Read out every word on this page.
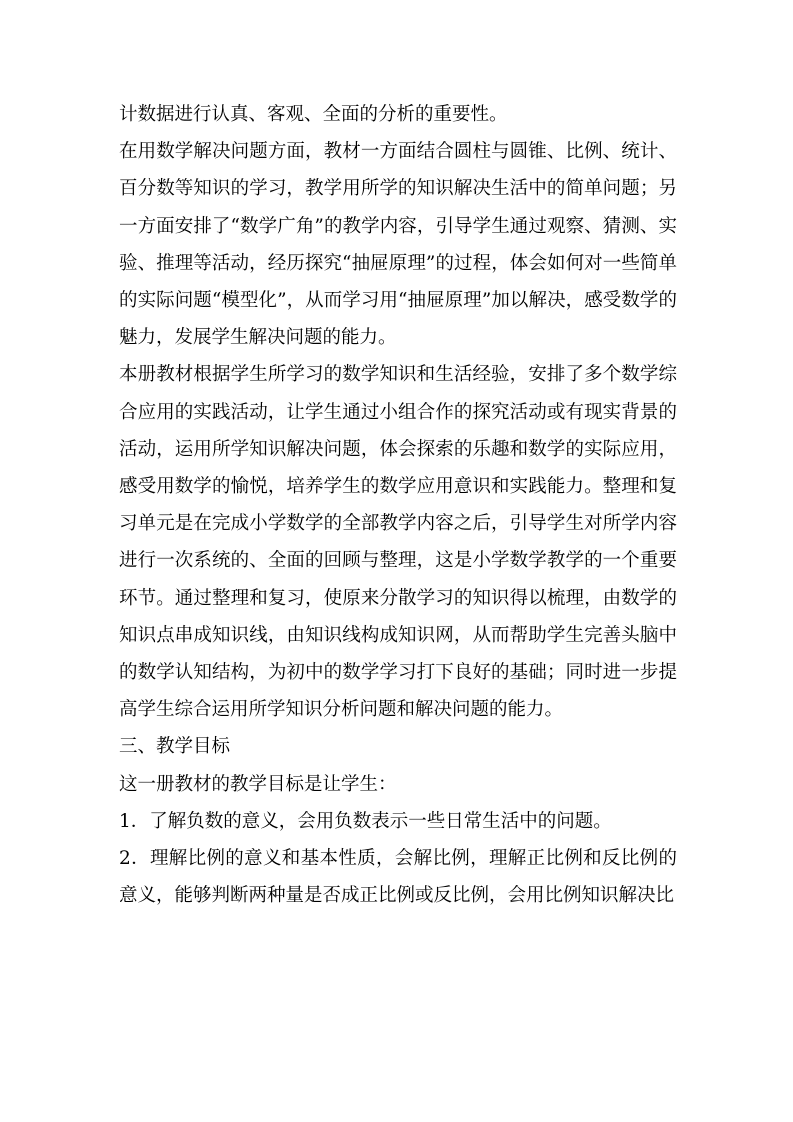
计数据进行认真、客观、全面的分析的重要性。

在用数学解决问题方面，教材一方面结合圆柱与圆锥、比例、统计、百分数等知识的学习，教学用所学的知识解决生活中的简单问题；另一方面安排了“数学广角”的教学内容，引导学生通过观察、猜测、实验、推理等活动，经历探究“抽屉原理”的过程，体会如何对一些简单的实际问题“模型化”，从而学习用“抽屉原理”加以解决，感受数学的魅力，发展学生解决问题的能力。

本册教材根据学生所学习的数学知识和生活经验，安排了多个数学综合应用的实践活动，让学生通过小组合作的探究活动或有现实背景的活动，运用所学知识解决问题，体会探索的乐趣和数学的实际应用，感受用数学的愉悦，培养学生的数学应用意识和实践能力。整理和复习单元是在完成小学数学的全部教学内容之后，引导学生对所学内容进行一次系统的、全面的回顾与整理，这是小学数学教学的一个重要环节。通过整理和复习，使原来分散学习的知识得以梳理，由数学的知识点串成知识线，由知识线构成知识网，从而帮助学生完善头脑中的数学认知结构，为初中的数学学习打下良好的基础；同时进一步提高学生综合运用所学知识分析问题和解决问题的能力。

三、教学目标

这一册教材的教学目标是让学生：

1．了解负数的意义，会用负数表示一些日常生活中的问题。

2．理解比例的意义和基本性质，会解比例，理解正比例和反比例的意义，能够判断两种量是否成正比例或反比例，会用比例知识解决比
